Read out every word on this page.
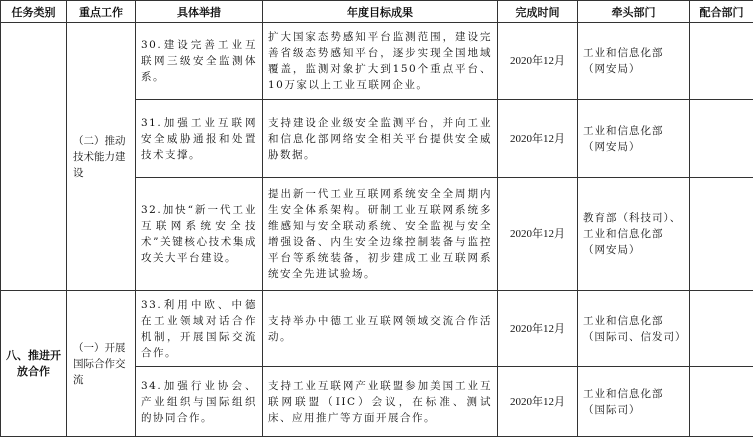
任务类别	重点工作	具体举措	年度目标成果	完成时间	牵头部门	配合部门
	（二）推动技术能力建设	30.建设完善工业互联网三级安全监测体系。	扩大国家态势感知平台监测范围，建设完善省级态势感知平台，逐步实现全国地域覆盖，监测对象扩大到150个重点平台、10万家以上工业互联网企业。	2020年12月	工业和信息化部（网安局）	
		31.加强工业互联网安全威胁通报和处置技术支撑。	支持建设企业级安全监测平台，并向工业和信息化部网络安全相关平台提供安全威胁数据。	2020年12月	工业和信息化部（网安局）	
		32.加快“新一代工业互联网系统安全技术”关键核心技术集成攻关大平台建设。	提出新一代工业互联网系统安全全周期内生安全体系架构。研制工业互联网系统多维感知与安全联动系统、安全监视与安全增强设备、内生安全边缘控制装备与监控平台等系统装备，初步建成工业互联网系统安全先进试验场。	2020年12月	教育部（科技司）、工业和信息化部（网安局）	
八、推进开放合作	（一）开展国际合作交流	33.利用中欧、中德在工业领域对话合作机制，开展国际交流合作。	支持举办中德工业互联网领域交流合作活动。	2020年12月	工业和信息化部（国际司、信发司）	
		34.加强行业协会、产业组织与国际组织的协同合作。	支持工业互联网产业联盟参加美国工业互联网联盟（IIC）会议，在标准、测试床、应用推广等方面开展合作。	2020年12月	工业和信息化部（国际司）	
